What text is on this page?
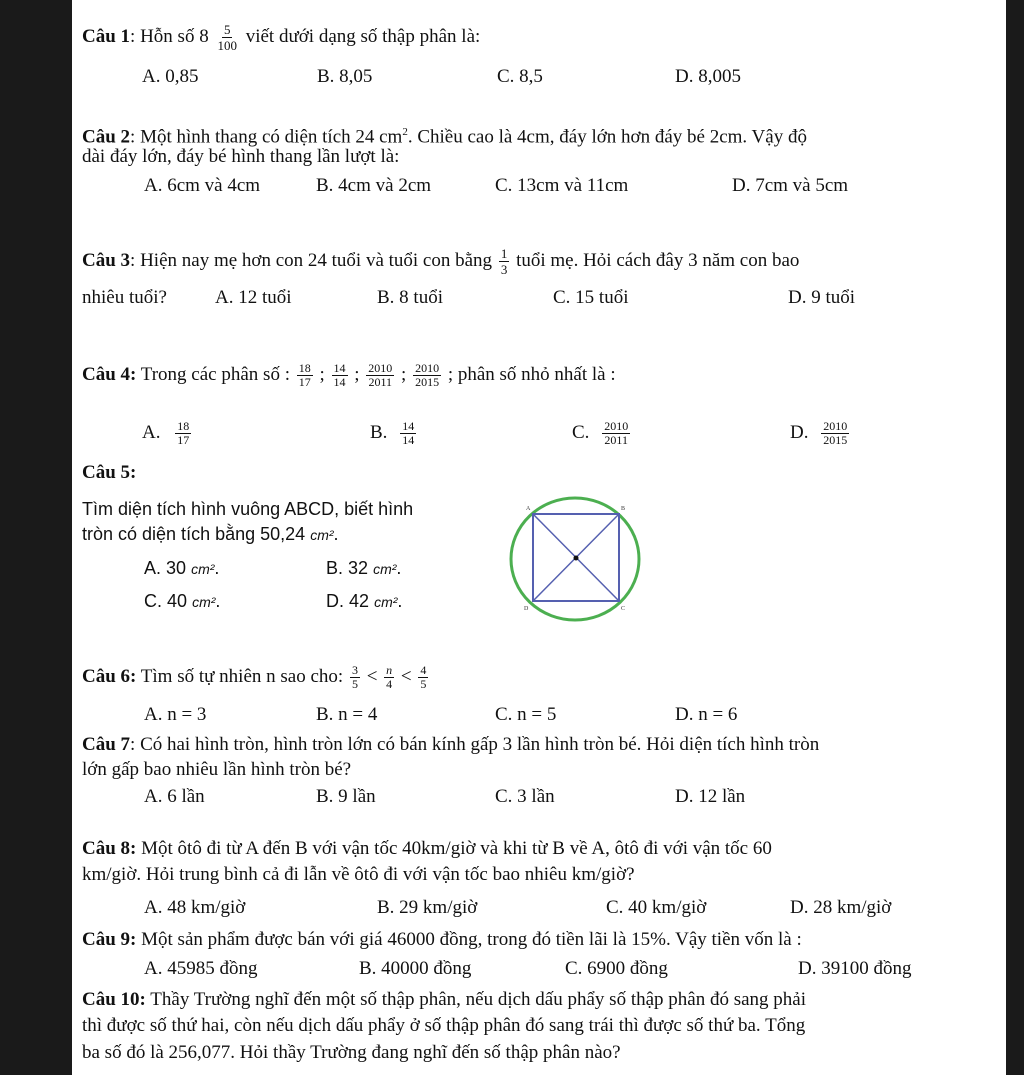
Câu 1: Hỗn số $8 \frac{5}{100}$ viết dưới dạng số thập phân là:
A. 0,85	B. 8,05	C. 8,5	D. 8,005
Câu 2: Một hình thang có diện tích 24 $cm^2$. Chiều cao là 4cm, đáy lớn hơn đáy bé 2cm. Vậy độ
dài đáy lớn, đáy bé hình thang lần lượt là:
A. 6cm và 4cm	B. 4cm và 2cm	C. 13cm và 11cm	D. 7cm và 5cm
Câu 3: Hiện nay mẹ hơn con 24 tuổi và tuổi con bằng $\frac{1}{3}$ tuổi mẹ. Hỏi cách đây 3 năm con bao
nhiêu tuổi?	A. 12 tuổi	B. 8 tuổi	C. 15 tuổi	D. 9 tuổi
Câu 4: Trong các phân số : $\frac{18}{17}$ ; $\frac{14}{14}$ ; $\frac{2010}{2011}$ ; $\frac{2010}{2015}$ ; phân số nhỏ nhất là :
A. $\frac{18}{17}$	B. $\frac{14}{14}$	C. $\frac{2010}{2011}$	D. $\frac{2010}{2015}$
Câu 5:
Tìm diện tích hình vuông ABCD, biết hình
tròn có diện tích bằng 50,24 cm².
A. 30 cm².	B. 32 cm².
C. 40 cm².	D. 42 cm².
A	B
C
D
Câu 6: Tìm số tự nhiên n sao cho: $\frac{3}{5} < \frac{n}{4} < \frac{4}{5}$
A. n = 3	B. n = 4	C. n = 5	D. n = 6
Câu 7: Có hai hình tròn, hình tròn lớn có bán kính gấp 3 lần hình tròn bé. Hỏi diện tích hình tròn
lớn gấp bao nhiêu lần hình tròn bé?
A. 6 lần	B. 9 lần	C. 3 lần	D. 12 lần
Câu 8: Một ôtô đi từ A đến B với vận tốc 40km/giờ và khi từ B về A, ôtô đi với vận tốc 60
km/giờ. Hỏi trung bình cả đi lẫn về ôtô đi với vận tốc bao nhiêu km/giờ?
A. 48 km/giờ	B. 29 km/giờ	C. 40 km/giờ	D. 28 km/giờ
Câu 9: Một sản phẩm được bán với giá 46000 đồng, trong đó tiền lãi là 15%. Vậy tiền vốn là :
A. 45985 đồng	B. 40000 đồng	C. 6900 đồng	D. 39100 đồng
Câu 10: Thầy Trường nghĩ đến một số thập phân, nếu dịch dấu phẩy số thập phân đó sang phải
thì được số thứ hai, còn nếu dịch dấu phẩy ở số thập phân đó sang trái thì được số thứ ba. Tổng
ba số đó là 256,077. Hỏi thầy Trường đang nghĩ đến số thập phân nào?
